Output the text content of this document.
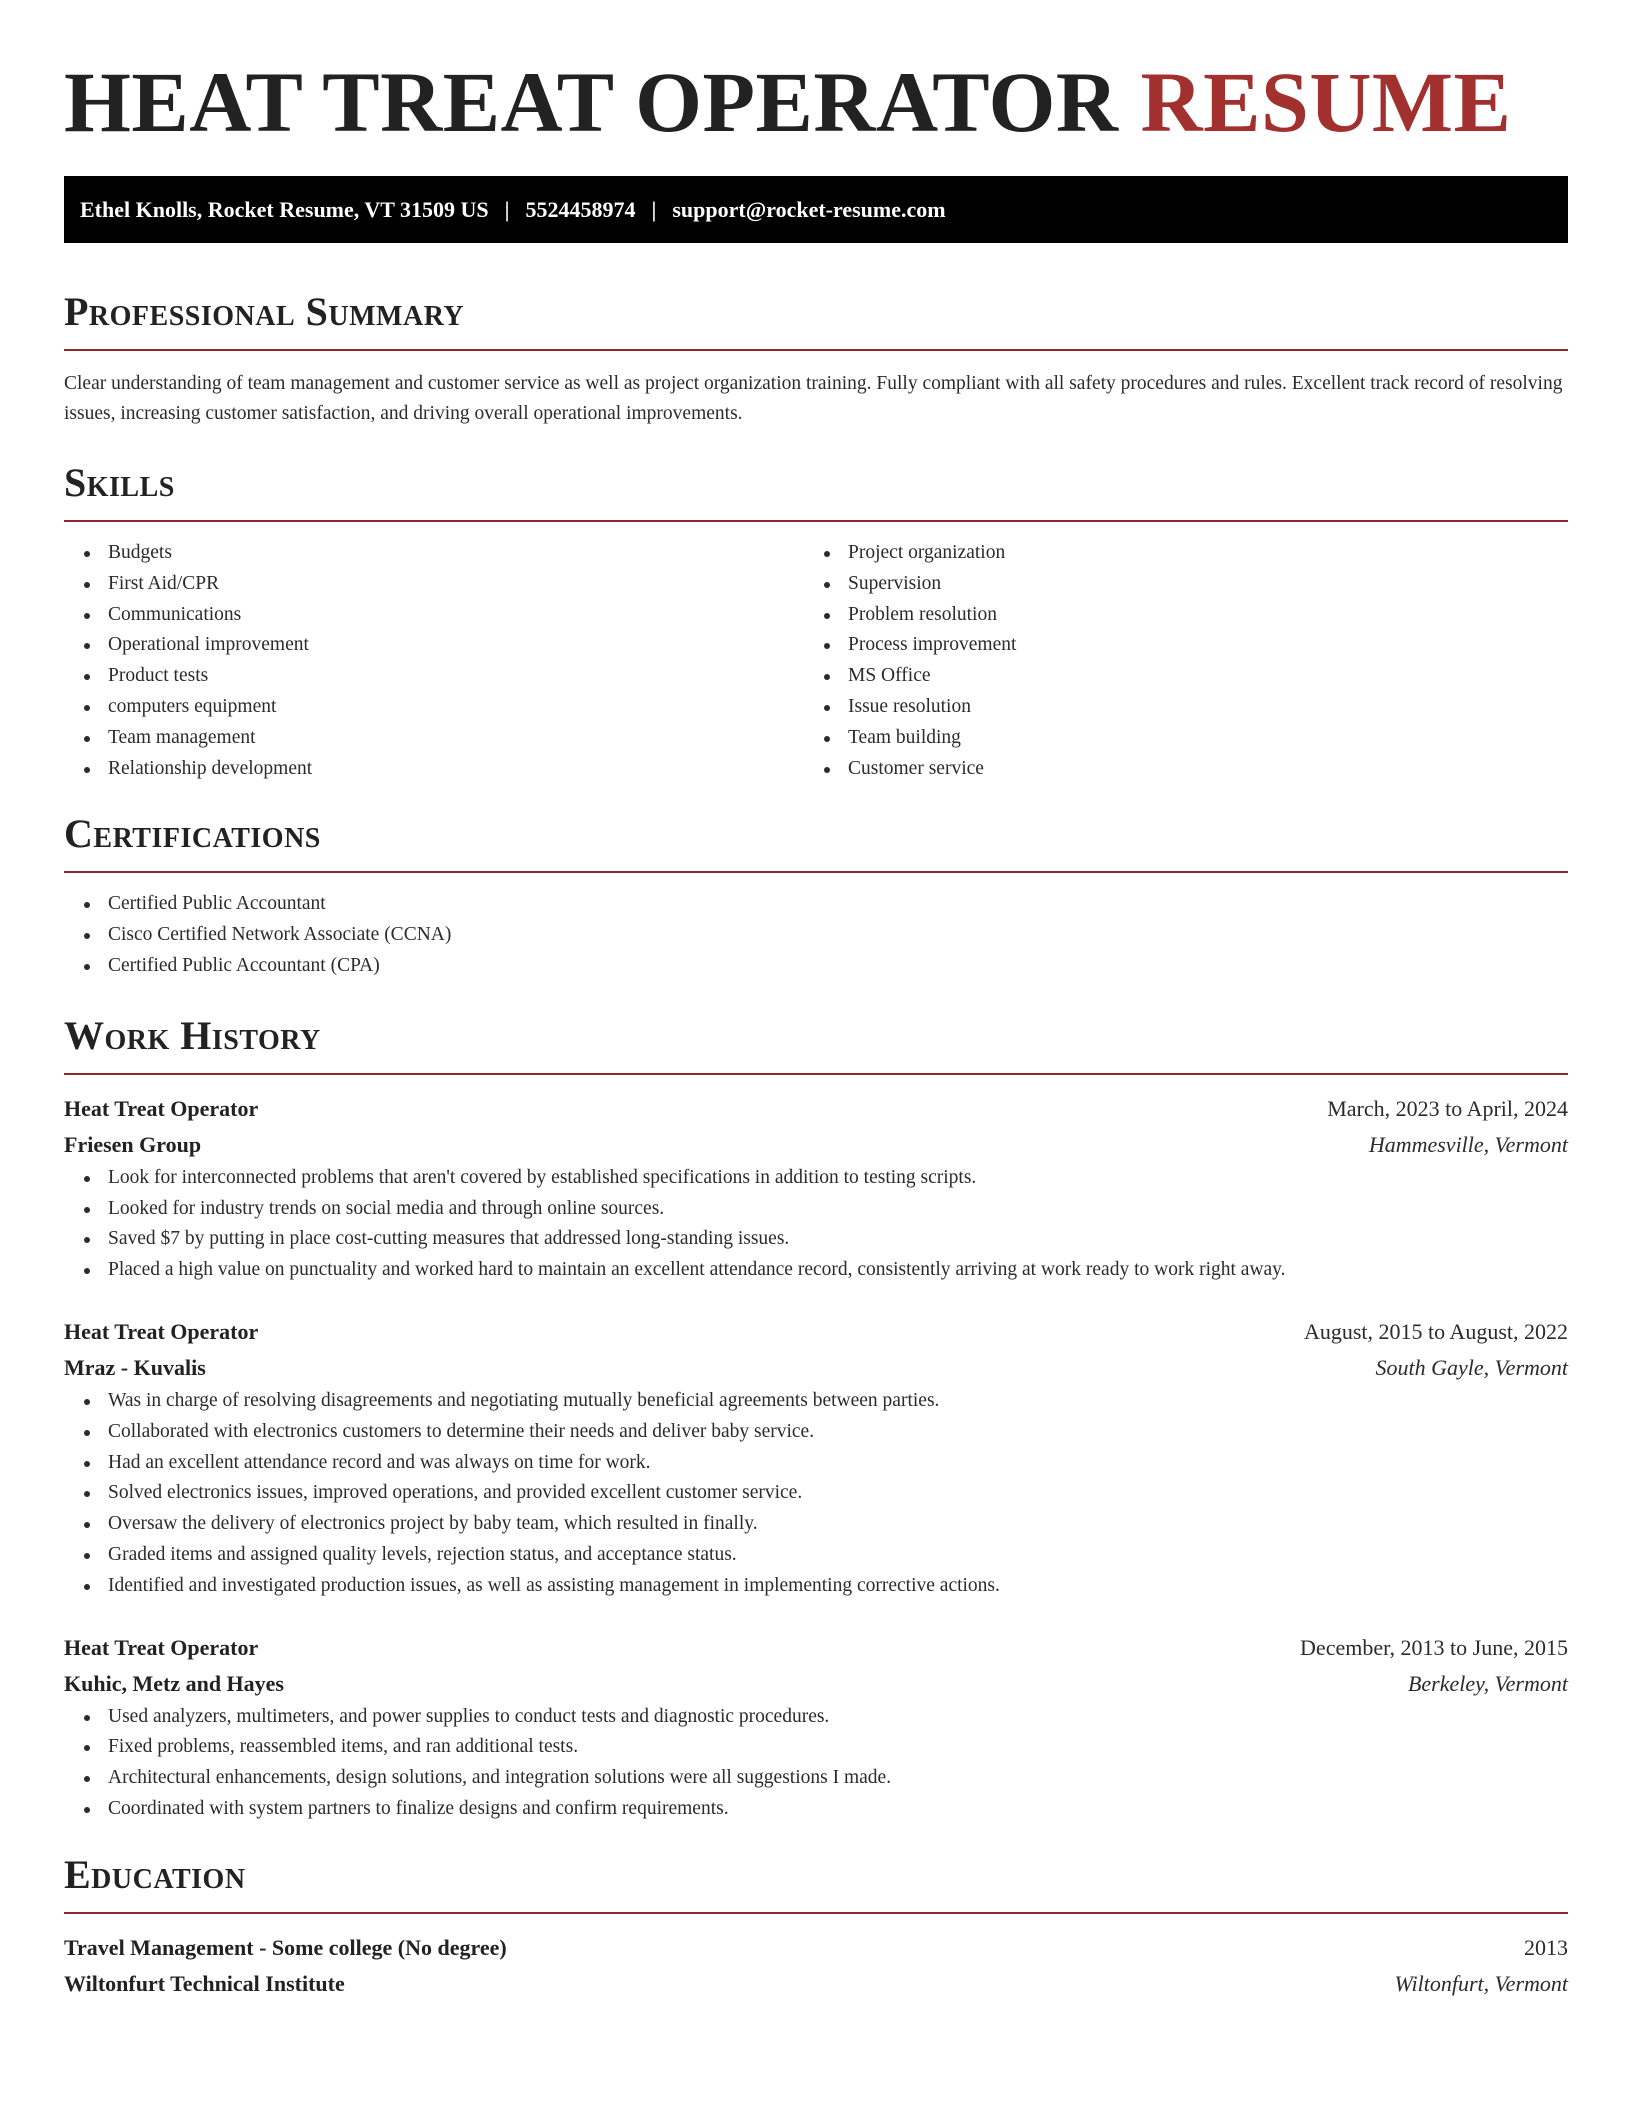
HEAT TREAT OPERATOR RESUME
Ethel Knolls, Rocket Resume, VT 31509 US | 5524458974 | support@rocket-resume.com
Professional Summary

Clear understanding of team management and customer service as well as project organization training. Fully compliant with all safety procedures and rules. Excellent track record of resolving issues, increasing customer satisfaction, and driving overall operational improvements.

Skills
Budgets
First Aid/CPR
Communications
Operational improvement
Product tests
computers equipment
Team management
Relationship development
Project organization
Supervision
Problem resolution
Process improvement
MS Office
Issue resolution
Team building
Customer service
Certifications
Certified Public Accountant
Cisco Certified Network Associate (CCNA)
Certified Public Accountant (CPA)
Work History
Heat Treat Operator	March, 2023 to April, 2024
Friesen Group	Hammesville, Vermont
Look for interconnected problems that aren't covered by established specifications in addition to testing scripts.
Looked for industry trends on social media and through online sources.
Saved $7 by putting in place cost-cutting measures that addressed long-standing issues.
Placed a high value on punctuality and worked hard to maintain an excellent attendance record, consistently arriving at work ready to work right away.
Heat Treat Operator	August, 2015 to August, 2022
Mraz - Kuvalis	South Gayle, Vermont
Was in charge of resolving disagreements and negotiating mutually beneficial agreements between parties.
Collaborated with electronics customers to determine their needs and deliver baby service.
Had an excellent attendance record and was always on time for work.
Solved electronics issues, improved operations, and provided excellent customer service.
Oversaw the delivery of electronics project by baby team, which resulted in finally.
Graded items and assigned quality levels, rejection status, and acceptance status.
Identified and investigated production issues, as well as assisting management in implementing corrective actions.
Heat Treat Operator	December, 2013 to June, 2015
Kuhic, Metz and Hayes	Berkeley, Vermont
Used analyzers, multimeters, and power supplies to conduct tests and diagnostic procedures.
Fixed problems, reassembled items, and ran additional tests.
Architectural enhancements, design solutions, and integration solutions were all suggestions I made.
Coordinated with system partners to finalize designs and confirm requirements.
Education
Travel Management - Some college (No degree)	2013
Wiltonfurt Technical Institute	Wiltonfurt, Vermont
